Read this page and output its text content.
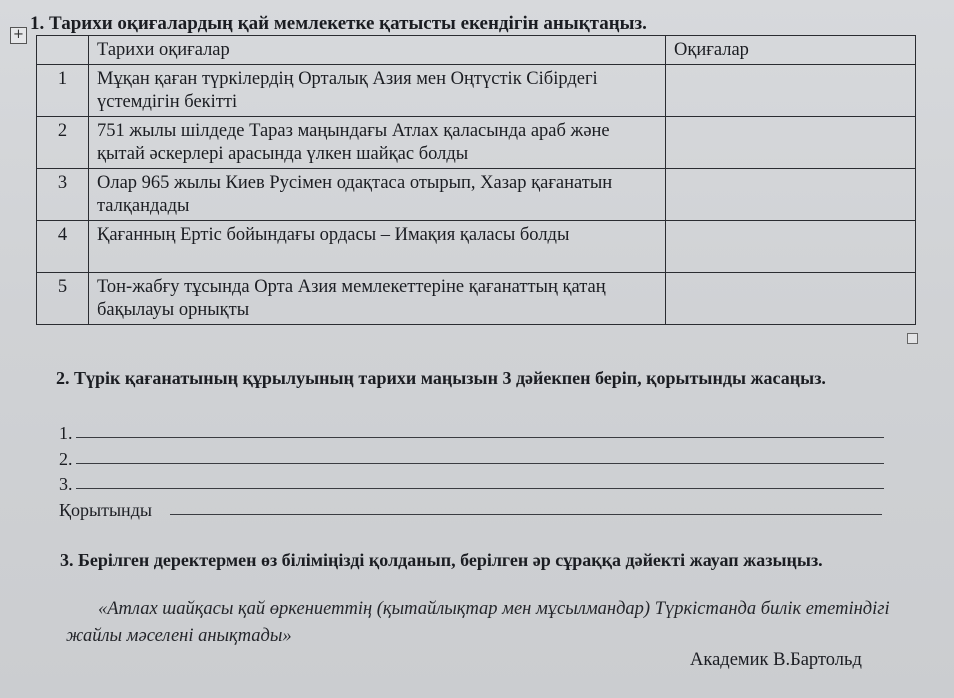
+
1. Тарихи оқиғалардың қай мемлекетке қатысты екендігін анықтаңыз.
	Тарихи оқиғалар	Оқиғалар
1	Мұқан қаған түркілердің Орталық Азия мен Оңтүстік Сібірдегі үстемдігін бекітті	
2	751 жылы шілдеде Тараз маңындағы Атлах қаласында араб және қытай әскерлері арасында үлкен шайқас болды	
3	Олар 965 жылы Киев Русімен одақтаса отырып, Хазар қағанатын талқандады	
4	Қағанның Ертіс бойындағы ордасы – Имақия қаласы болды	
5	Тон-жабғу тұсында Орта Азия мемлекеттеріне қағанаттың қатаң бақылауы орнықты	
2. Түрік қағанатының құрылуының тарихи маңызын 3 дәйекпен беріп, қорытынды жасаңыз.
1.
2.
3.
Қорытынды
3. Берілген деректермен өз біліміңізді қолданып, берілген әр сұраққа дәйекті жауап жазыңыз.
«Атлах шайқасы қай өркениеттің (қытайлықтар мен мұсылмандар) Түркістанда билік ететіндігі жайлы мәселені анықтады»
Академик В.Бартольд
